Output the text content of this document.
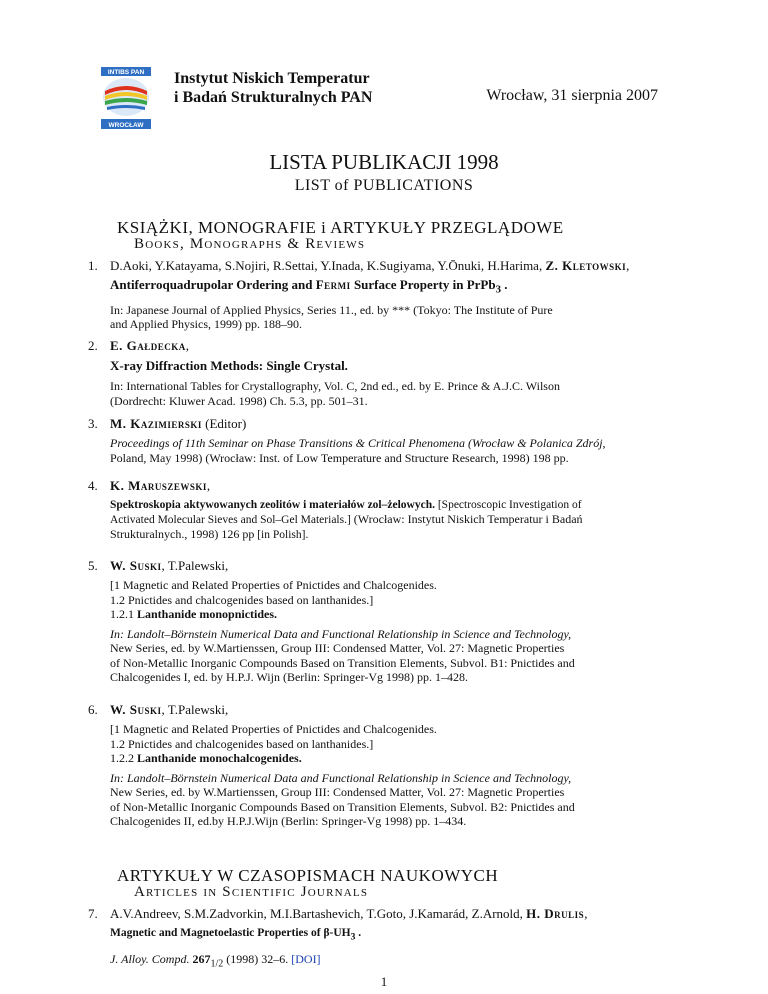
INTIBS PAN
WROCŁAW
Instytut Niskich Temperatur
i Badań Strukturalnych PAN	Wrocław, 31 sierpnia 2007
LISTA PUBLIKACJI 1998
LIST of PUBLICATIONS
KSIĄŻKI, MONOGRAFIE i ARTYKUŁY PRZEGLĄDOWE
Books, Monographs & Reviews
1. D.Aoki, Y.Katayama, S.Nojiri, R.Settai, Y.Inada, K.Sugiyama, Y.Ōnuki, H.Harima, Z. Kletowski,
Antiferroquadrupolar Ordering and Fermi Surface Property in PrPb$_3$ .
In: Japanese Journal of Applied Physics, Series 11., ed. by *** (Tokyo: The Institute of Pure
and Applied Physics, 1999) pp. 188–90.
2. E. Gałdecka,
X-ray Diffraction Methods: Single Crystal.
In: International Tables for Crystallography, Vol. C, 2nd ed., ed. by E. Prince & A.J.C. Wilson
(Dordrecht: Kluwer Acad. 1998) Ch. 5.3, pp. 501–31.
3. M. Kazimierski (Editor)
Proceedings of 11th Seminar on Phase Transitions & Critical Phenomena (Wrocław & Polanica Zdrój,
Poland, May 1998) (Wrocław: Inst. of Low Temperature and Structure Research, 1998) 198 pp.
4. K. Maruszewski,
Spektroskopia aktywowanych zeolitów i materiałów zol–żelowych. [Spectroscopic Investigation of
Activated Molecular Sieves and Sol–Gel Materials.] (Wrocław: Instytut Niskich Temperatur i Badań
Strukturalnych., 1998) 126 pp [in Polish].
5. W. Suski, T.Palewski,
[1 Magnetic and Related Properties of Pnictides and Chalcogenides.
1.2 Pnictides and chalcogenides based on lanthanides.]
1.2.1 Lanthanide monopnictides.
In: Landolt–Börnstein Numerical Data and Functional Relationship in Science and Technology,
New Series, ed. by W.Martienssen, Group III: Condensed Matter, Vol. 27: Magnetic Properties
of Non-Metallic Inorganic Compounds Based on Transition Elements, Subvol. B1: Pnictides and
Chalcogenides I, ed. by H.P.J. Wijn (Berlin: Springer-Vg 1998) pp. 1–428.
6. W. Suski, T.Palewski,
[1 Magnetic and Related Properties of Pnictides and Chalcogenides.
1.2 Pnictides and chalcogenides based on lanthanides.]
1.2.2 Lanthanide monochalcogenides.
In: Landolt–Börnstein Numerical Data and Functional Relationship in Science and Technology,
New Series, ed. by W.Martienssen, Group III: Condensed Matter, Vol. 27: Magnetic Properties
of Non-Metallic Inorganic Compounds Based on Transition Elements, Subvol. B2: Pnictides and
Chalcogenides II, ed.by H.P.J.Wijn (Berlin: Springer-Vg 1998) pp. 1–434.
ARTYKUŁY W CZASOPISMACH NAUKOWYCH
Articles in Scientific Journals
7. A.V.Andreev, S.M.Zadvorkin, M.I.Bartashevich, T.Goto, J.Kamarád, Z.Arnold, H. Drulis,
Magnetic and Magnetoelastic Properties of $\beta-UH_3$ .
J. Alloy. Compd. $267_{1/2}$ (1998) 32–6. [DOI]
1
